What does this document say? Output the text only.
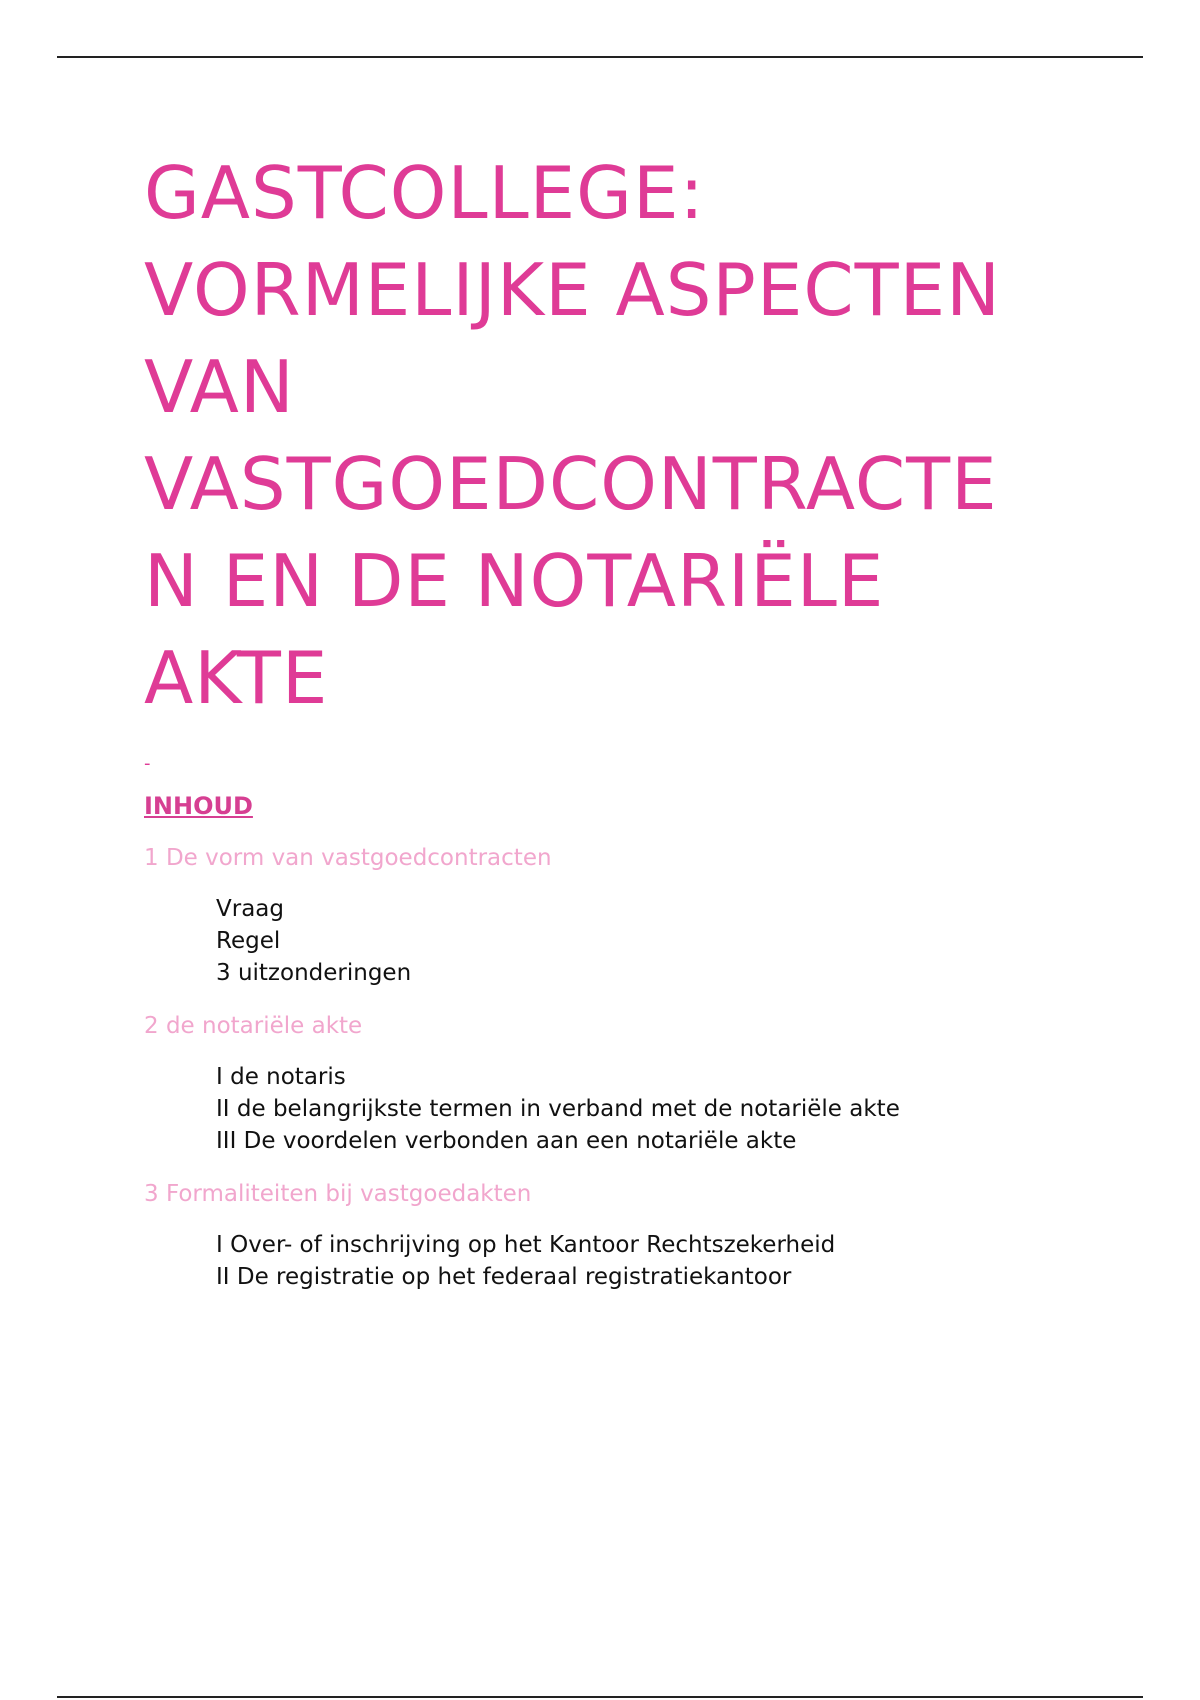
GASTCOLLEGE:
VORMELIJKE ASPECTEN
VAN
VASTGOEDCONTRACTE
N EN DE NOTARIËLE
AKTE
-
INHOUD
1 De vorm van vastgoedcontracten
Vraag
Regel
3 uitzonderingen
2 de notariële akte
I de notaris
II de belangrijkste termen in verband met de notariële akte
III De voordelen verbonden aan een notariële akte
3 Formaliteiten bij vastgoedakten
I Over- of inschrijving op het Kantoor Rechtszekerheid
II De registratie op het federaal registratiekantoor
